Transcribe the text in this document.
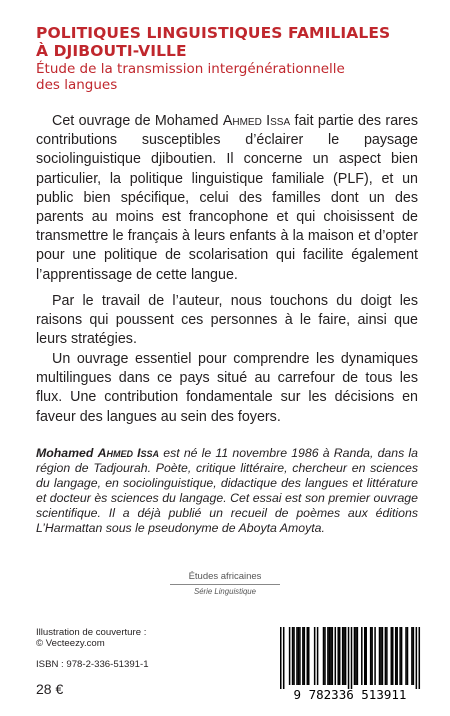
POLITIQUES LINGUISTIQUES FAMILIALES
À DJIBOUTI-VILLE
Étude de la transmission intergénérationnelle
des langues
Cet ouvrage de Mohamed Ahmed Issa fait partie des rares contributions susceptibles d’éclairer le paysage sociolinguistique djiboutien. Il concerne un aspect bien particulier, la politique linguistique familiale (PLF), et un public bien spécifique, celui des familles dont un des parents au moins est francophone et qui choisissent de transmettre le français à leurs enfants à la maison et d’opter pour une politique de scolarisation qui facilite également l’apprentissage de cette langue.
Par le travail de l’auteur, nous touchons du doigt les raisons qui poussent ces personnes à le faire, ainsi que leurs stratégies.
Un ouvrage essentiel pour comprendre les dynamiques multilingues dans ce pays situé au carrefour de tous les flux. Une contribution fondamentale sur les décisions en faveur des langues au sein des foyers.
Mohamed Ahmed Issa est né le 11 novembre 1986 à Randa, dans la région de Tadjourah. Poète, critique littéraire, chercheur en sciences du langage, en sociolinguistique, didactique des langues et littérature et docteur ès sciences du langage. Cet essai est son premier ouvrage scientifique. Il a déjà publié un recueil de poèmes aux éditions L’Harmattan sous le pseudonyme de Aboyta Amoyta.
Études africaines
Série Linguistique
Illustration de couverture :
© Vecteezy.com
ISBN : 978-2-336-51391-1
28 €	9 782336 513911
